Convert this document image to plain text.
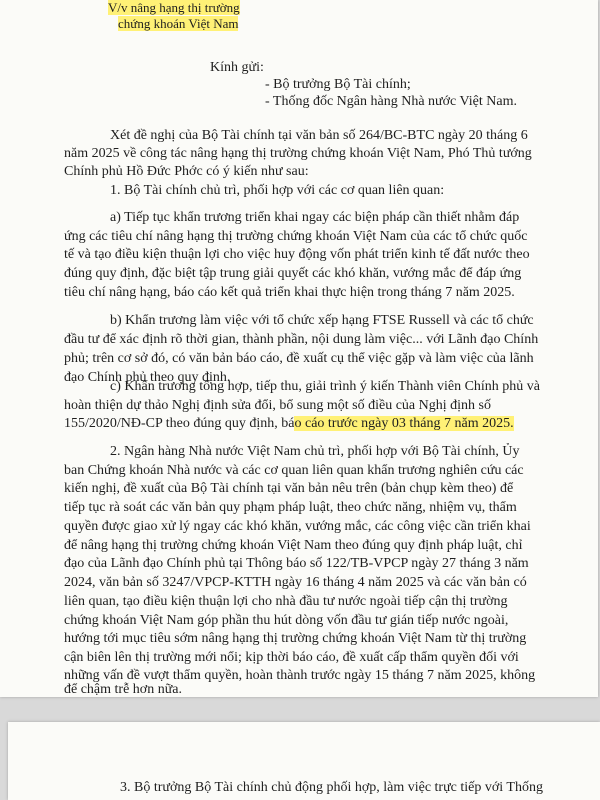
V/v nâng hạng thị trường
chứng khoán Việt Nam
Kính gửi:
- Bộ trưởng Bộ Tài chính;
- Thống đốc Ngân hàng Nhà nước Việt Nam.
Xét đề nghị của Bộ Tài chính tại văn bản số 264/BC-BTC ngày 20 tháng 6
năm 2025 về công tác nâng hạng thị trường chứng khoán Việt Nam, Phó Thủ tướng
Chính phủ Hồ Đức Phớc có ý kiến như sau:
1. Bộ Tài chính chủ trì, phối hợp với các cơ quan liên quan:
a) Tiếp tục khẩn trương triển khai ngay các biện pháp cần thiết nhằm đáp
ứng các tiêu chí nâng hạng thị trường chứng khoán Việt Nam của các tổ chức quốc
tế và tạo điều kiện thuận lợi cho việc huy động vốn phát triển kinh tế đất nước theo
đúng quy định, đặc biệt tập trung giải quyết các khó khăn, vướng mắc để đáp ứng
tiêu chí nâng hạng, báo cáo kết quả triển khai thực hiện trong tháng 7 năm 2025.
b) Khẩn trương làm việc với tổ chức xếp hạng FTSE Russell và các tổ chức
đầu tư để xác định rõ thời gian, thành phần, nội dung làm việc... với Lãnh đạo Chính
phủ; trên cơ sở đó, có văn bản báo cáo, đề xuất cụ thể việc gặp và làm việc của lãnh
đạo Chính phủ theo quy định.
c) Khẩn trương tổng hợp, tiếp thu, giải trình ý kiến Thành viên Chính phủ và
hoàn thiện dự thảo Nghị định sửa đổi, bổ sung một số điều của Nghị định số
155/2020/NĐ-CP theo đúng quy định, báo cáo trước ngày 03 tháng 7 năm 2025.
2. Ngân hàng Nhà nước Việt Nam chủ trì, phối hợp với Bộ Tài chính, Ủy
ban Chứng khoán Nhà nước và các cơ quan liên quan khẩn trương nghiên cứu các
kiến nghị, đề xuất của Bộ Tài chính tại văn bản nêu trên (bản chụp kèm theo) để
tiếp tục rà soát các văn bản quy phạm pháp luật, theo chức năng, nhiệm vụ, thẩm
quyền được giao xử lý ngay các khó khăn, vướng mắc, các công việc cần triển khai
để nâng hạng thị trường chứng khoán Việt Nam theo đúng quy định pháp luật, chỉ
đạo của Lãnh đạo Chính phủ tại Thông báo số 122/TB-VPCP ngày 27 tháng 3 năm
2024, văn bản số 3247/VPCP-KTTH ngày 16 tháng 4 năm 2025 và các văn bản có
liên quan, tạo điều kiện thuận lợi cho nhà đầu tư nước ngoài tiếp cận thị trường
chứng khoán Việt Nam góp phần thu hút dòng vốn đầu tư gián tiếp nước ngoài,
hướng tới mục tiêu sớm nâng hạng thị trường chứng khoán Việt Nam từ thị trường
cận biên lên thị trường mới nổi; kịp thời báo cáo, đề xuất cấp thẩm quyền đối với
những vấn đề vượt thẩm quyền, hoàn thành trước ngày 15 tháng 7 năm 2025, không
để chậm trễ hơn nữa.
3. Bộ trưởng Bộ Tài chính chủ động phối hợp, làm việc trực tiếp với Thống
